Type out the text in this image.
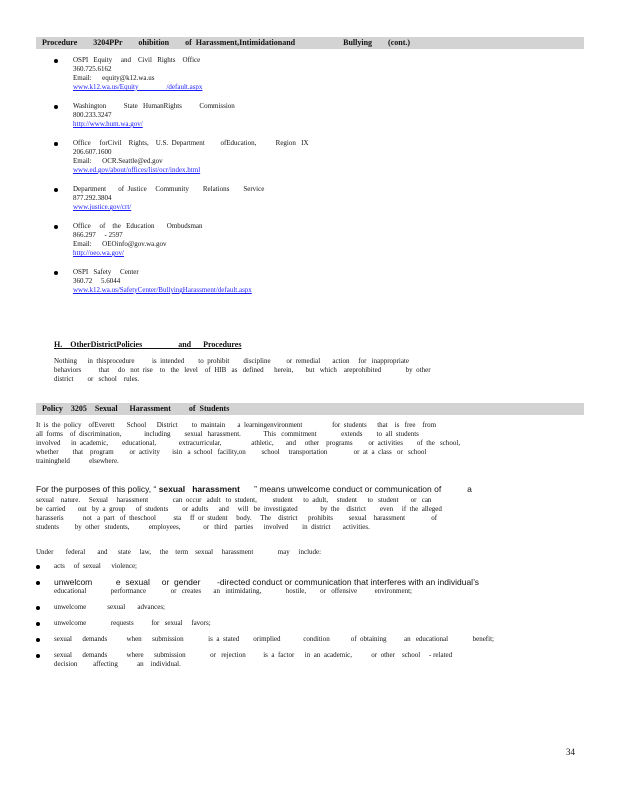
Procedure        3204PPr        ohibition        of  Harassment,Intimidationand                        Bullying        (cont.)
OSPI   Equity     and    Civil   Rights    Office
360.725.6162
Email:      equity@k12.wa.us
www.k12.wa.us/Equity                /default.aspx
Washington          State   HumanRights          Commission
800.233.3247
http://www.hum.wa.gov/
Office     forCivil    Rights,    U.S.  Department         ofEducation,           Region   IX
206.607.1600
Email:      OCR.Seattle@ed.gov
www.ed.gov/about/offices/list/ocr/index.html
Department       of  Justice     Community        Relations        Service
877.292.3804
www.justice.gov/crt/
Office     of    the   Education       Ombudsman
866.297     - 2597
Email:      OEOinfo@gov.wa.gov
http://oeo.wa.gov/
OSPI   Safety     Center
360.72     5.6044
www.k12.wa.us/SafetyCenter/BullyingHarassment/default.aspx
H.    OtherDistrictPolicies                  and      Procedures
Nothing      in  thisprocedure          is  intended        to  prohibit        discipline         or  remedial       action     for   inappropriate
behaviors          that     do   not  rise    to   the   level    of  HIB   as   defined      herein,       but   which    areprohibited              by  other
district        or   school    rules.
Policy    3205    Sexual      Harassment         of  Students
It  is  the  policy    ofEverett       School      District        to  maintain       a  learningenvironment                 for  students      that    is   free    from
all  forms    of  discrimination,             including        sexual   harassment.             This   commitment              extends        to  all  students
involved      in  academic,        educational,             extracurricular,                 athletic,       and     other    programs         or  activities        of  the   school,
whether        that    program         or  activity       isin   a  school   facility,on         school     transportation               or  at  a  class   or   school
trainingheld           elsewhere.
For the purposes of this policy, “ sexual   harassment      ” means unwelcome conduct or communication of           a
sexual    nature.     Sexual     harassment              can  occur   adult   to  student,         student      to  adult,     student      to   student       or   can
be  carried       out   by  a  group      of  students        or  adults      and     will   be  investigated             by  the    district        even     if  the  alleged
harasseris           not   a  part   of  theschool          sta     ff  or  student     body.     The    district      prohibits         sexual    harassment               of
students         by  other   students,           employees,             or   third    parties      involved        in  district       activities.
Under       federal       and      state     law,     the    term    sexual     harassment              may     include:
acts     of  sexual      violence;
unwelcom          e  sexual     or  gender       -directed conduct or communication that interferes with an individual’s
educational              performance              or   creates       an   intimidating,              hostile,        or   offensive          environment;
unwelcome            sexual       advances;
unwelcome              requests          for   sexual     favors;
sexual      demands           when      submission              is  a  stated        orimplied             condition            of  obtaining          an   educational              benefit;
sexual      demands           where      submission              or   rejection          is  a  factor      in  an  academic,           or  other    school     - related
decision         affecting           an    individual.
34
